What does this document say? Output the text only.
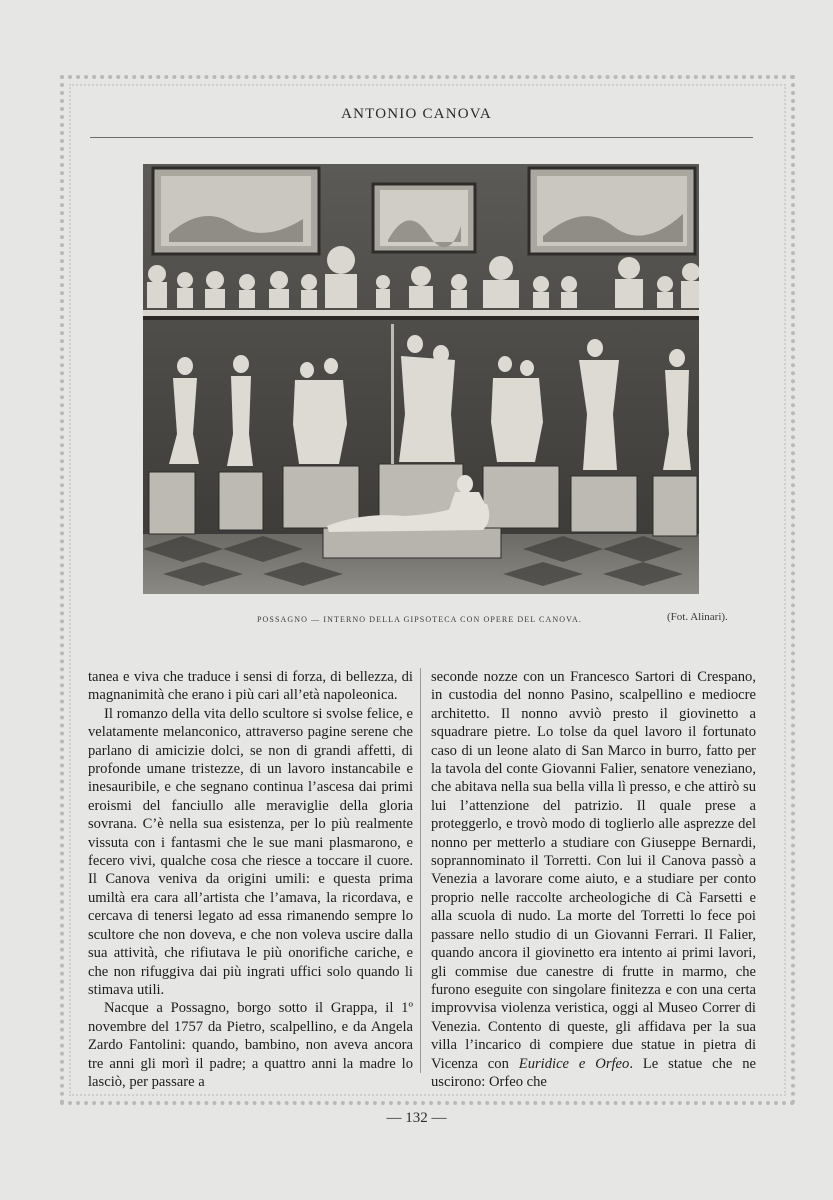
ANTONIO CANOVA
POSSAGNO — INTERNO DELLA GIPSOTECA CON OPERE DEL CANOVA.	(Fot. Alinari).

tanea e viva che traduce i sensi di forza, di bellezza, di magnanimità che erano i più cari all’età napoleonica.

Il romanzo della vita dello scultore si svolse felice, e velatamente melanconico, attraverso pagine serene che parlano di amicizie dolci, se non di grandi affetti, di profonde umane tristezze, di un lavoro instancabile e inesauribile, e che segnano continua l’ascesa dai primi eroismi del fanciullo alle meraviglie della gloria sovrana. C’è nella sua esistenza, per lo più realmente vissuta con i fantasmi che le sue mani plasmarono, e fecero vivi, qualche cosa che riesce a toccare il cuore. Il Canova veniva da origini umili: e questa prima umiltà era cara all’artista che l’amava, la ricordava, e cercava di tenersi legato ad essa rimanendo sempre lo scultore che non doveva, e che non voleva uscire dalla sua attività, che rifiutava le più onorifiche cariche, e che non rifuggiva dai più ingrati uffici solo quando li stimava utili.

Nacque a Possagno, borgo sotto il Grappa, il 1º novembre del 1757 da Pietro, scalpellino, e da Angela Zardo Fantolini: quando, bambino, non aveva ancora tre anni gli morì il padre; a quattro anni la madre lo lasciò, per passare a

seconde nozze con un Francesco Sartori di Crespano, in custodia del nonno Pasino, scalpellino e mediocre architetto. Il nonno avviò presto il giovinetto a squadrare pietre. Lo tolse da quel lavoro il fortunato caso di un leone alato di San Marco in burro, fatto per la tavola del conte Giovanni Falier, senatore veneziano, che abitava nella sua bella villa lì presso, e che attirò su lui l’attenzione del patrizio. Il quale prese a proteggerlo, e trovò modo di toglierlo alle asprezze del nonno per metterlo a studiare con Giuseppe Bernardi, soprannominato il Torretti. Con lui il Canova passò a Venezia a lavorare come aiuto, e a studiare per conto proprio nelle raccolte archeologiche di Cà Farsetti e alla scuola di nudo. La morte del Torretti lo fece poi passare nello studio di un Giovanni Ferrari. Il Falier, quando ancora il giovinetto era intento ai primi lavori, gli commise due canestre di frutte in marmo, che furono eseguite con singolare finitezza e con una certa improvvisa violenza veristica, oggi al Museo Correr di Venezia. Contento di queste, gli affidava per la sua villa l’incarico di compiere due statue in pietra di Vicenza con Euridice e Orfeo. Le statue che ne uscirono: Orfeo che

— 132 —
